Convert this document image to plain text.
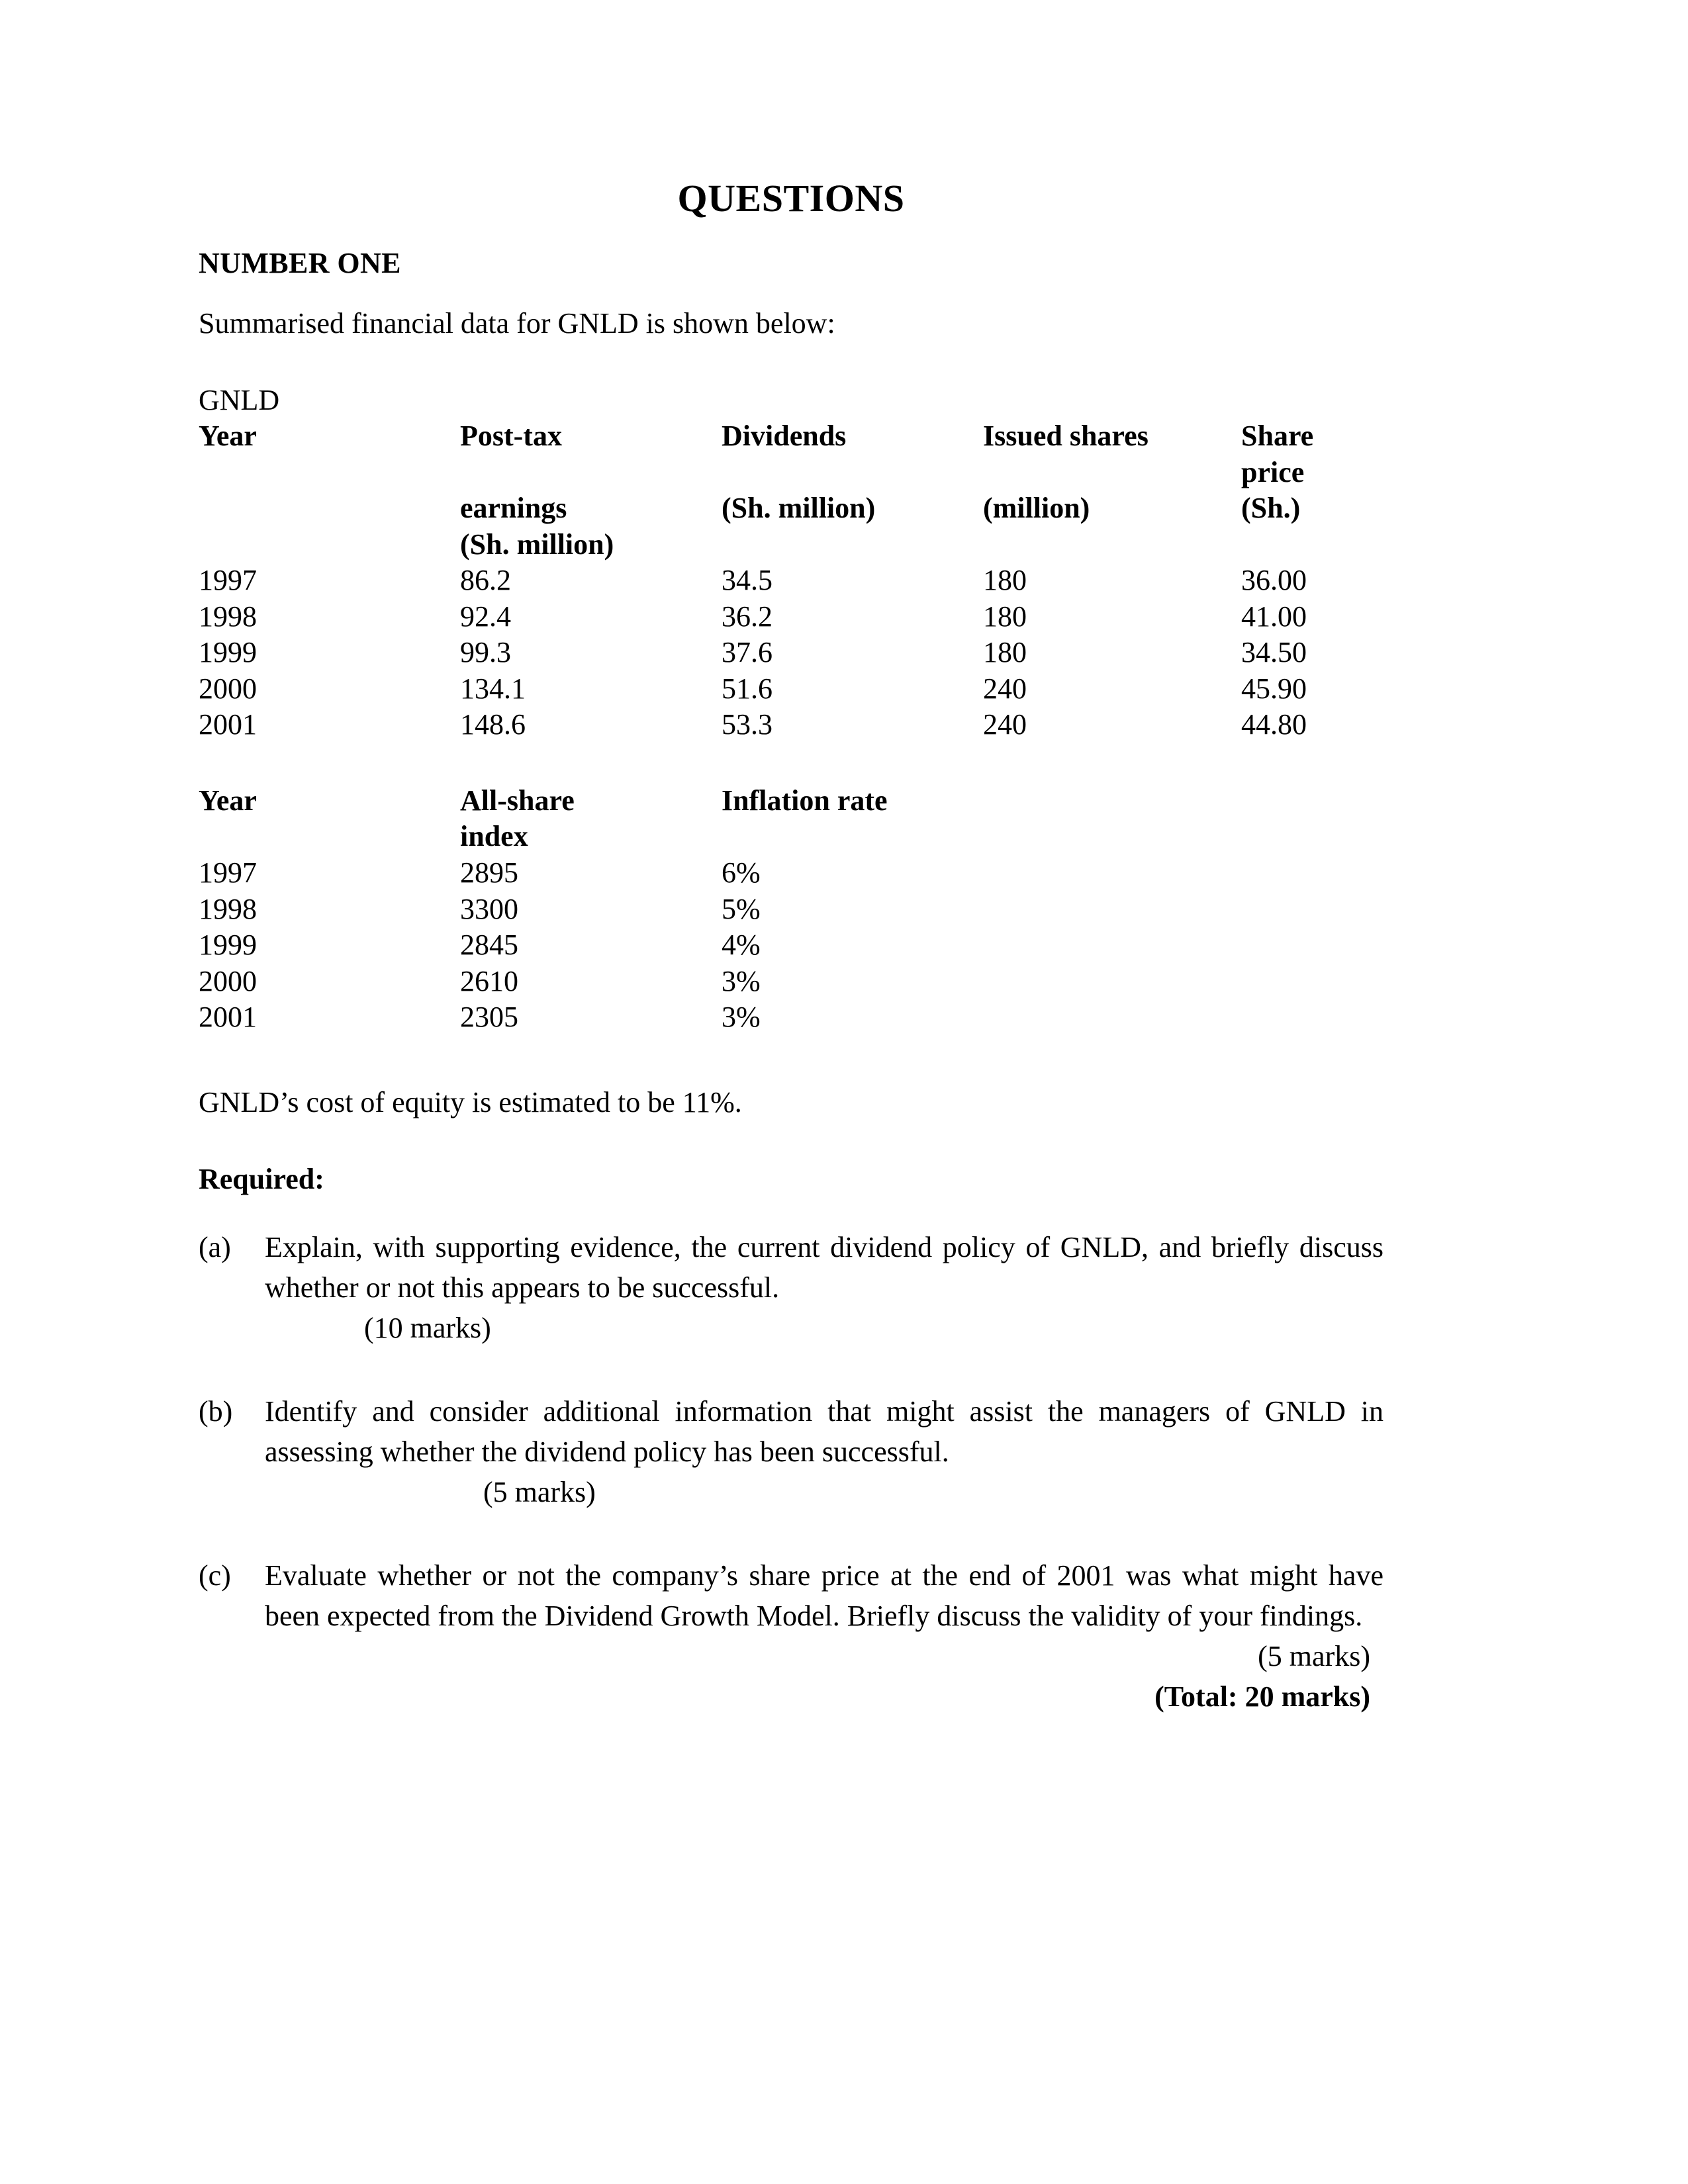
QUESTIONS
NUMBER ONE

Summarised financial data for GNLD is shown below:

GNLD

Year	Post-tax	Dividends	Issued shares	Share price
	earnings	(Sh. million)	(million)	(Sh.)
	(Sh. million)			
1997	86.2	34.5	180	36.00
1998	92.4	36.2	180	41.00
1999	99.3	37.6	180	34.50
2000	134.1	51.6	240	45.90
2001	148.6	53.3	240	44.80
Year	All-share	Inflation rate
	index	
1997	2895	6%
1998	3300	5%
1999	2845	4%
2000	2610	3%
2001	2305	3%

GNLD’s cost of equity is estimated to be 11%.

Required:

(a)	Explain, with supporting evidence, the current dividend policy of GNLD, and briefly discuss whether or not this appears to be successful.

(10 marks)

(b)	Identify and consider additional information that might assist the managers of GNLD in assessing whether the dividend policy has been successful.

(5 marks)

(c)	Evaluate whether or not the company’s share price at the end of 2001 was what might have been expected from the Dividend Growth Model. Briefly discuss the validity of your findings.

(5 marks)

(Total: 20 marks)
